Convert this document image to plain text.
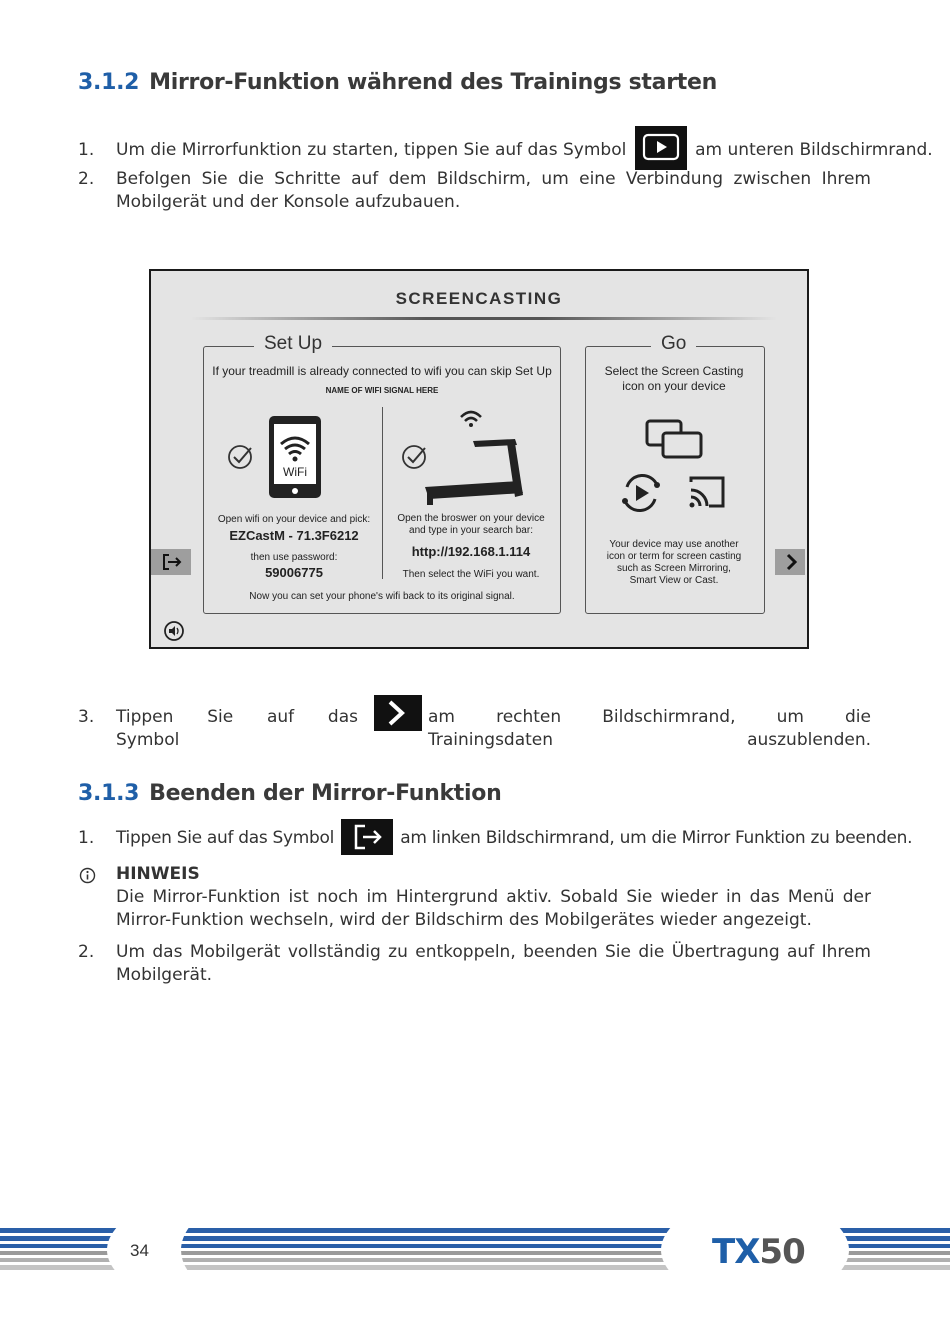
3.1.2 Mirror-Funktion während des Trainings starten
1. Um die Mirrorfunktion zu starten, tippen Sie auf das Symbol	am unteren Bildschirmrand.
2. Befolgen Sie die Schritte auf dem Bildschirm, um eine Verbindung zwischen Ihrem Mobilgerät und der Konsole aufzubauen.
SCREENCASTING
Set Up
If your treadmill is already connected to wifi you can skip Set Up
NAME OF WIFI SIGNAL HERE
WiFi
Open wifi on your device and pick:
EZCastM - 71.3F6212
then use password:
59006775
Open the broswer on your device
and type in your search bar:
http://192.168.1.114
Then select the WiFi you want.
Now you can set your phone's wifi back to its original signal.
Go
Select the Screen Casting
icon on your device
Your device may use another
icon or term for screen casting
such as Screen Mirroring,
Smart View or Cast.
3. Tippen Sie auf das Symbol
am rechten Bildschirmrand, um die Trainingsdaten auszublenden.
3.1.3 Beenden der Mirror-Funktion
1. Tippen Sie auf das Symbol	am linken Bildschirmrand, um die Mirror Funktion zu beenden.
HINWEIS
Die Mirror-Funktion ist noch im Hintergrund aktiv. Sobald Sie wieder in das Menü der Mirror-Funktion wechseln, wird der Bildschirm des Mobilgerätes wieder angezeigt.
2. Um das Mobilgerät vollständig zu entkoppeln, beenden Sie die Übertragung auf Ihrem Mobilgerät.
34	TX50
